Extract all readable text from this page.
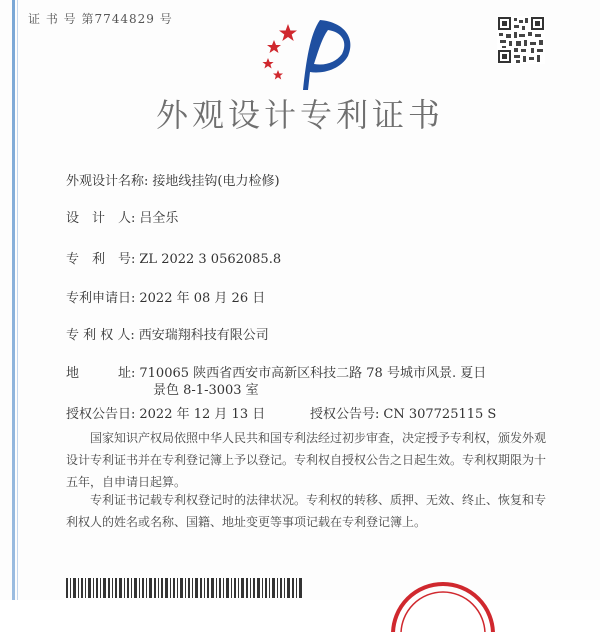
证 书 号 第7744829 号
外观设计专利证书
外观设计名称: 接地线挂钩(电力检修)
设　计　人: 吕全乐
专　利　号: ZL 2022 3 0562085.8
专利申请日: 2022 年 08 月 26 日
专 利 权 人: 西安瑞翔科技有限公司
地　　　址: 710065 陕西省西安市高新区科技二路 78 号城市风景. 夏日
景色 8-1-3003 室
授权公告日: 2022 年 12 月 13 日	授权公告号: CN 307725115 S
国家知识产权局依照中华人民共和国专利法经过初步审查，决定授予专利权，颁发外观设计专利证书并在专利登记簿上予以登记。专利权自授权公告之日起生效。专利权期限为十五年，自申请日起算。
专利证书记载专利权登记时的法律状况。专利权的转移、质押、无效、终止、恢复和专利权人的姓名或名称、国籍、地址变更等事项记载在专利登记簿上。
